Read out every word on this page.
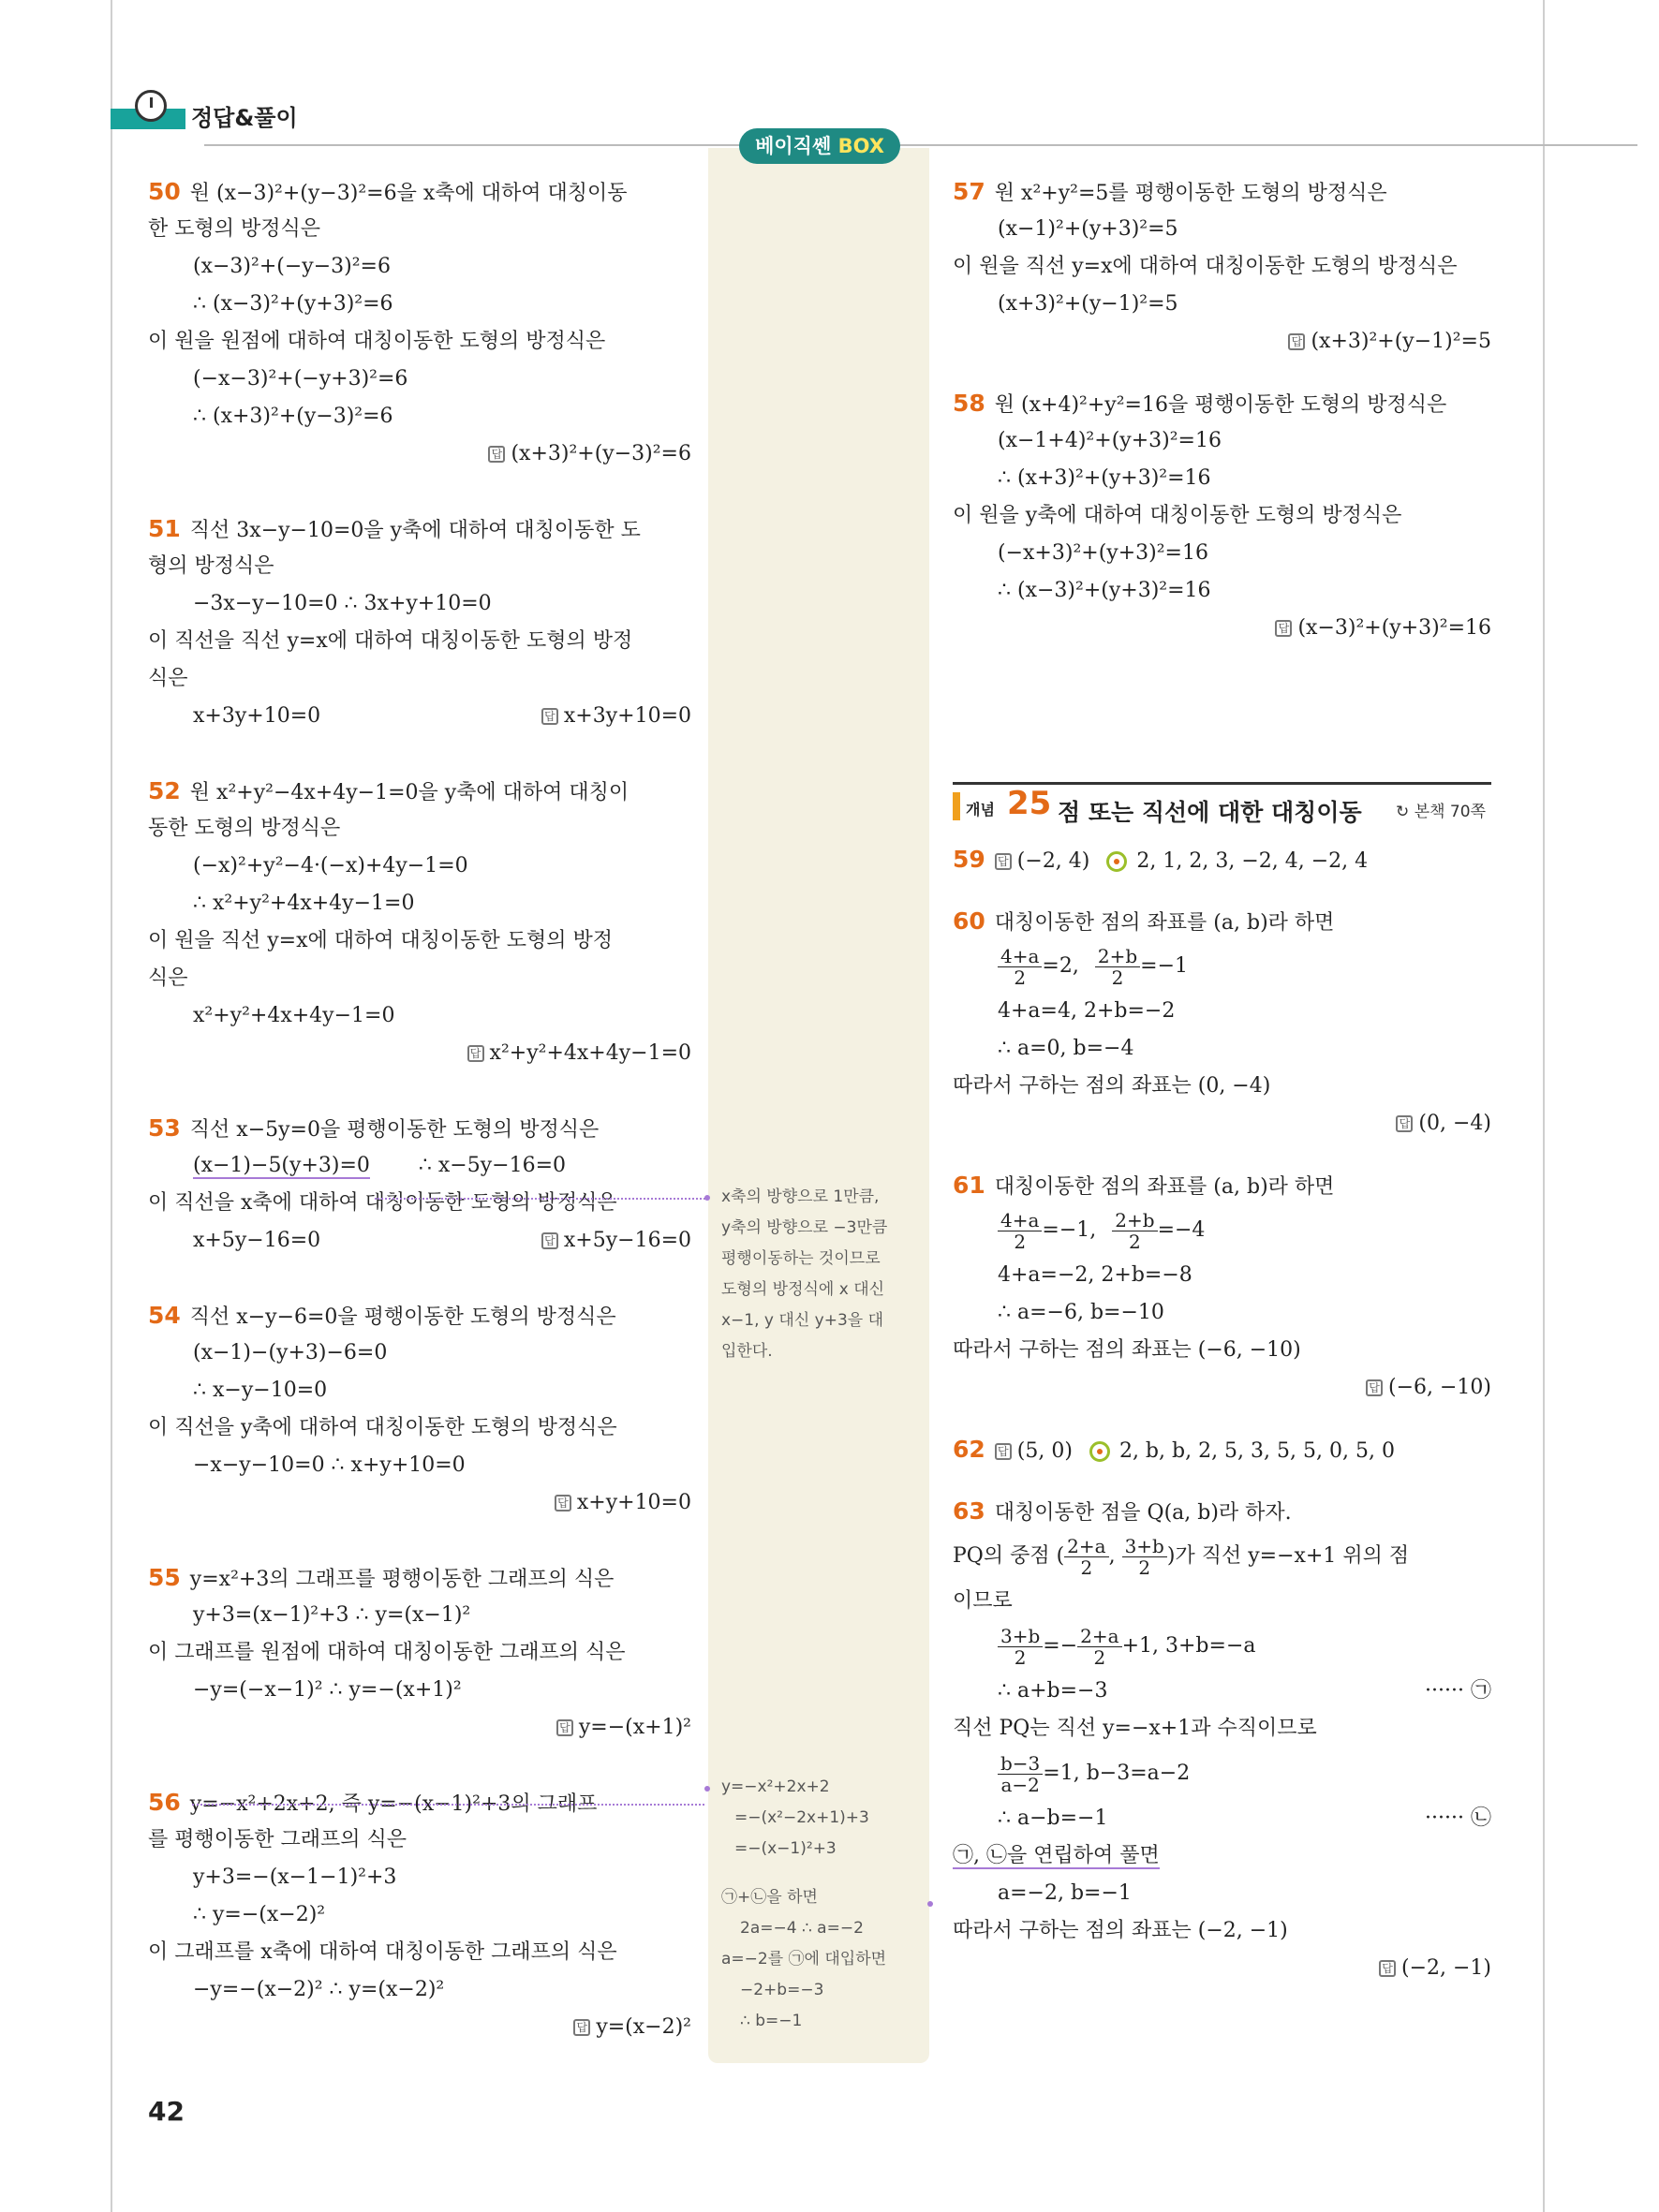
정답&풀이
베이직쎈 BOX
50 원 (x−3)²+(y−3)²=6을 x축에 대하여 대칭이동
한 도형의 방정식은
(x−3)²+(−y−3)²=6
∴ (x−3)²+(y+3)²=6
이 원을 원점에 대하여 대칭이동한 도형의 방정식은
(−x−3)²+(−y+3)²=6
∴ (x+3)²+(y−3)²=6
답 (x+3)²+(y−3)²=6
51 직선 3x−y−10=0을 y축에 대하여 대칭이동한 도
형의 방정식은
−3x−y−10=0 ∴ 3x+y+10=0
이 직선을 직선 y=x에 대하여 대칭이동한 도형의 방정
식은
x+3y+10=0	답 x+3y+10=0
52 원 x²+y²−4x+4y−1=0을 y축에 대하여 대칭이
동한 도형의 방정식은
(−x)²+y²−4·(−x)+4y−1=0
∴ x²+y²+4x+4y−1=0
이 원을 직선 y=x에 대하여 대칭이동한 도형의 방정
식은
x²+y²+4x+4y−1=0
답 x²+y²+4x+4y−1=0
53 직선 x−5y=0을 평행이동한 도형의 방정식은
(x−1)−5(y+3)=0 ∴ x−5y−16=0
이 직선을 x축에 대하여 대칭이동한 도형의 방정식은
x+5y−16=0	답 x+5y−16=0
54 직선 x−y−6=0을 평행이동한 도형의 방정식은
(x−1)−(y+3)−6=0
∴ x−y−10=0
이 직선을 y축에 대하여 대칭이동한 도형의 방정식은
−x−y−10=0 ∴ x+y+10=0
답 x+y+10=0
55 y=x²+3의 그래프를 평행이동한 그래프의 식은
y+3=(x−1)²+3 ∴ y=(x−1)²
이 그래프를 원점에 대하여 대칭이동한 그래프의 식은
−y=(−x−1)² ∴ y=−(x+1)²
답 y=−(x+1)²
56 y=−x²+2x+2, 즉 y=−(x−1)²+3의 그래프
를 평행이동한 그래프의 식은
y+3=−(x−1−1)²+3
∴ y=−(x−2)²
이 그래프를 x축에 대하여 대칭이동한 그래프의 식은
−y=−(x−2)² ∴ y=(x−2)²
답 y=(x−2)²
x축의 방향으로 1만큼,
y축의 방향으로 −3만큼
평행이동하는 것이므로
도형의 방정식에 x 대신
x−1, y 대신 y+3을 대
입한다.
y=−x²+2x+2
=−(x²−2x+1)+3
=−(x−1)²+3
㉠+㉡을 하면
2a=−4 ∴ a=−2
a=−2를 ㉠에 대입하면
−2+b=−3
∴ b=−1
57 원 x²+y²=5를 평행이동한 도형의 방정식은
(x−1)²+(y+3)²=5
이 원을 직선 y=x에 대하여 대칭이동한 도형의 방정식은
(x+3)²+(y−1)²=5
답 (x+3)²+(y−1)²=5
58 원 (x+4)²+y²=16을 평행이동한 도형의 방정식은
(x−1+4)²+(y+3)²=16
∴ (x+3)²+(y+3)²=16
이 원을 y축에 대하여 대칭이동한 도형의 방정식은
(−x+3)²+(y+3)²=16
∴ (x−3)²+(y+3)²=16
답 (x−3)²+(y+3)²=16
개념 25 점 또는 직선에 대한 대칭이동 ↻ 본책 70쪽
59 답 (−2, 4) 2, 1, 2, 3, −2, 4, −2, 4
60 대칭이동한 점의 좌표를 (a, b)라 하면
$\frac{4+a}{2} =2$, $\frac{2+b}{2} =-1$
4+a=4, 2+b=−2
∴ a=0, b=−4
따라서 구하는 점의 좌표는 (0, −4)
답 (0, −4)
61 대칭이동한 점의 좌표를 (a, b)라 하면
$\frac{4+a}{2} =-1$, $\frac{2+b}{2} =-4$
4+a=−2, 2+b=−8
∴ a=−6, b=−10
따라서 구하는 점의 좌표는 (−6, −10)
답 (−6, −10)
62 답 (5, 0) 2, b, b, 2, 5, 3, 5, 5, 0, 5, 0
63 대칭이동한 점을 Q(a, b)라 하자.
PQ의 중점 ( $\frac{2+a}{2}$ , $\frac{3+b}{2}$ )가 직선 y=−x+1 위의 점
이므로
$\frac{3+b}{2} =- \frac{2+a}{2} +1$, 3+b=−a
∴ a+b=−3	······ ㉠
직선 PQ는 직선 y=−x+1과 수직이므로
$\frac{b-3}{a-2} =1$, b−3=a−2
∴ a−b=−1	······ ㉡
㉠, ㉡을 연립하여 풀면
a=−2, b=−1
따라서 구하는 점의 좌표는 (−2, −1)
답 (−2, −1)
42
